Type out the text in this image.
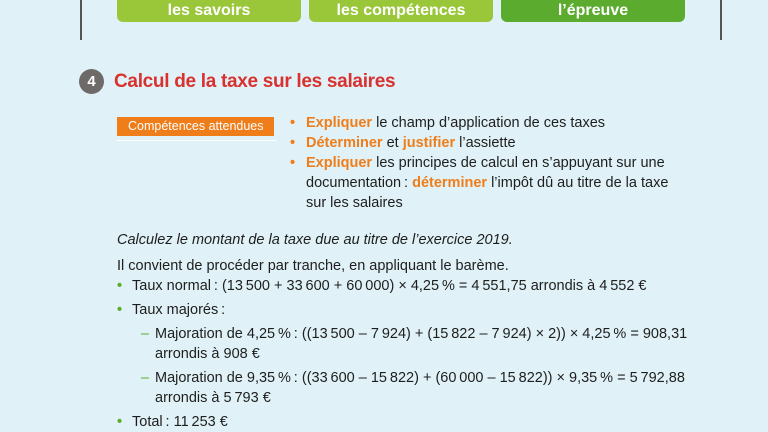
les savoirs	les compétences	l’épreuve
4 Calcul de la taxe sur les salaires
Compétences attendues	• Expliquer le champ d’application de ces taxes
• Déterminer et justifier l’assiette
• Expliquer les principes de calcul en s’appuyant sur une documentation : déterminer l’impôt dû au titre de la taxe sur les salaires
Calculez le montant de la taxe due au titre de l’exercice 2019.
Il convient de procéder par tranche, en appliquant le barème.
• Taux normal : (13 500 + 33 600 + 60 000) × 4,25 % = 4 551,75 arrondis à 4 552 €
• Taux majorés :
– Majoration de 4,25 % : ((13 500 – 7 924) + (15 822 – 7 924) × 2)) × 4,25 % = 908,31
arrondis à 908 €
– Majoration de 9,35 % : ((33 600 – 15 822) + (60 000 – 15 822)) × 9,35 % = 5 792,88
arrondis à 5 793 €
• Total : 11 253 €
